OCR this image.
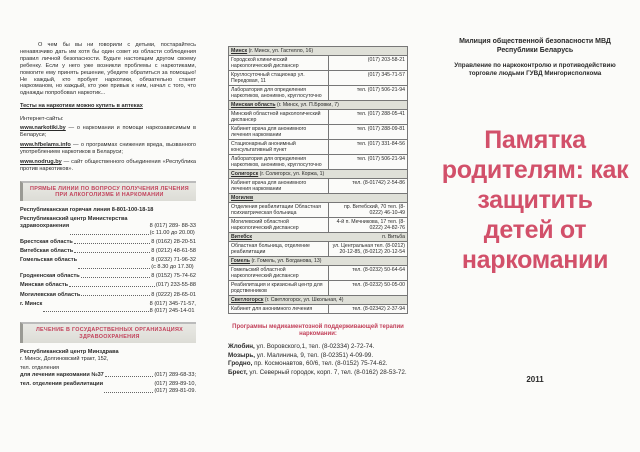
О чем бы вы ни говорили с детьми, постарайтесь ненавязчиво дать им хотя бы один совет из области соблюдения правил личной безопасности. Будьте настоящим другом своему ребенку. Если у него уже возникли проблемы с наркотиками, помогите ему принять решение, убедите обратиться за помощью! Не каждый, кто пробует наркотики, обязательно станет наркоманом, но каждый, кто уже привык к ним, начал с того, что однажды попробовал наркотик...

Тесты на наркотики можно купить в аптеках

Интернет-сайты:

www.narkotiki.by — о наркомании и помощи наркозависимым в Беларуси;

www.hfbelams.info — о программах снижения вреда, вызванного употреблением наркотиков в Беларуси;

www.nodrug.by — сайт общественного объединения «Республика против наркотиков».

ПРЯМЫЕ ЛИНИИ ПО ВОПРОСУ ПОЛУЧЕНИЯ ЛЕЧЕНИЯ ПРИ АЛКОГОЛИЗМЕ И НАРКОМАНИИ

Республиканская горячая линия 8-801-100-18-18

Республиканский центр Министерства

здравоохранения	8 (017) 289- 88-33
(с 11.00 до 20.00)
Брестская область	8 (0162) 28-20-51
Витебская область	8 (0212) 48-61-58
Гомельская область	8 (0232) 71-96-32
(с 8.30 до 17.30)
Гродненская область	8 (0152) 75-74-62
Минская область	(017) 233-55-88
Могилевская область	8 (0222) 28-65-01
г. Минск	8 (017) 345-71-57,
8 (017) 245-14-01
ЛЕЧЕНИЕ В ГОСУДАРСТВЕННЫХ ОРГАНИЗАЦИЯХ ЗДРАВООХРАНЕНИЯ

Республиканский центр Минздрава

г. Минск, Долгиновский тракт, 152,

тел. отделения

для лечения наркомании №37	(017) 289-68-33;
тел. отделения реабилитации	(017) 289-89-10,
(017) 289-81-09.
Минск (г. Минск, ул. Гастелло, 16)	
Городской клинический наркологический диспансер	(017) 203-58-21
Круглосуточный стационар ул. Передовая, 11	(017) 345-71-57
Лаборатория для определения наркотиков, анонимно, круглосуточно	тел. (017) 506-21-94
Минская область (г. Минск, ул. П.Бровки, 7)	
Минский областной наркологический диспансер	тел. (017) 288-05-41
Кабинет врача для анонимного лечения наркомании	тел. (017) 288-09-81
Стационарный анонимный консультативный пункт	тел. (017) 331-84-56
Лаборатория для определения наркотиков, анонимно, круглосуточно	тел. (017) 506-21-94
Солигорск (г. Солигорск, ул. Коржа, 1)	
Кабинет врача для анонимного лечения наркомании	тел. (8-01742) 2-54-86
Могилев	
Отделения реабилитации Областная психиатрическая больница	пр. Витебский, 70 тел. (8-0222) 46-10-49
Могилевский областной наркологический диспансер	4-й п. Мечникова, 17 тел. (8-0222) 24-82-76
Витебск п. Витьба	

Областная больница, отделение реабилитации	ул. Центральная тел. (8-0212) 20-12-85, (8-0212) 20-12-54
Гомель (г. Гомель, ул. Богданова, 13)	
Гомельский областной наркологический диспансер	тел. (8-0232) 50-64-64
Реабилитация и кризисный центр для родственников	тел. (8-0232) 50-05-00
Светлогорск (г. Светлогорск, ул. Школьная, 4)	
Кабинет для анонимного лечения	тел. (8-02342) 2-37-94

Программы медикаментозной поддерживающей терапии наркомании:

Жлобин, ул. Воровского,1, тел. (8-02334) 2-72-74.

Мозырь, ул. Малинина, 9, тел. (8-02351) 4-09-99.

Гродно, пр. Космонавтов, 60/6, тел. (8-0152) 75-74-62.

Брест, ул. Северный городок, корп. 7, тел. (8-0162) 28-53-72.

Милиция общественной безопасности МВД Республики Беларусь

Управление по наркоконтролю и противодействию торговле людьми ГУВД Мингорисполкома

Памятка родителям: как защитить детей от наркомании

2011
